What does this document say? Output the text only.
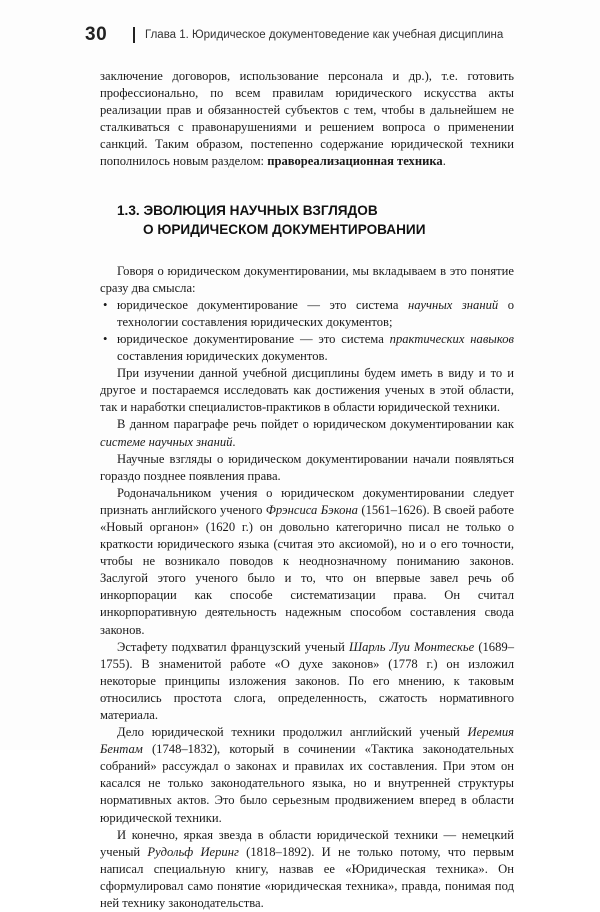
30	Глава 1. Юридическое документоведение как учебная дисциплина

заключение договоров, использование персонала и др.), т.е. готовить профессионально, по всем правилам юридического искусства акты реализации прав и обязанностей субъектов с тем, чтобы в дальнейшем не сталкиваться с правонарушениями и решением вопроса о применении санкций. Таким образом, постепенно содержание юридической техники пополнилось новым разделом: правореализационная техника.

1.3. ЭВОЛЮЦИЯ НАУЧНЫХ ВЗГЛЯДОВ
О ЮРИДИЧЕСКОМ ДОКУМЕНТИРОВАНИИ

Говоря о юридическом документировании, мы вкладываем в это понятие сразу два смысла:

• юридическое документирование — это система научных знаний о технологии составления юридических документов;
• юридическое документирование — это система практических навыков составления юридических документов.

При изучении данной учебной дисциплины будем иметь в виду и то и другое и постараемся исследовать как достижения ученых в этой области, так и наработки специалистов-практиков в области юридической техники.

В данном параграфе речь пойдет о юридическом документировании как системе научных знаний.

Научные взгляды о юридическом документировании начали появляться гораздо позднее появления права.

Родоначальником учения о юридическом документировании следует признать английского ученого Фрэнсиса Бэкона (1561–1626). В своей работе «Новый органон» (1620 г.) он довольно категорично писал не только о краткости юридического языка (считая это аксиомой), но и о его точности, чтобы не возникало поводов к неоднозначному пониманию законов. Заслугой этого ученого было и то, что он впервые завел речь об инкорпорации как способе систематизации права. Он считал инкорпоративную деятельность надежным способом составления свода законов.

Эстафету подхватил французский ученый Шарль Луи Монтескье (1689–1755). В знаменитой работе «О духе законов» (1778 г.) он изложил некоторые принципы изложения законов. По его мнению, к таковым относились простота слога, определенность, сжатость нормативного материала.

Дело юридической техники продолжил английский ученый Иеремия Бентам (1748–1832), который в сочинении «Тактика законодательных собраний» рассуждал о законах и правилах их составления. При этом он касался не только законодательного языка, но и внутренней структуры нормативных актов. Это было серьезным продвижением вперед в области юридической техники.

И конечно, яркая звезда в области юридической техники — немецкий ученый Рудольф Иеринг (1818–1892). И не только потому, что первым написал специальную книгу, назвав ее «Юридическая техника». Он сформулировал само понятие «юридическая техника», правда, понимая под ней технику законодательства.
